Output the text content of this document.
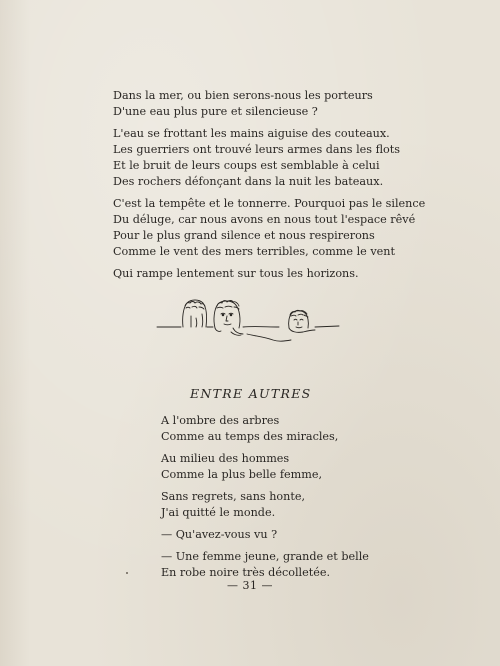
Dans la mer, ou bien serons-nous les porteurs
D'une eau plus pure et silencieuse ?
L'eau se frottant les mains aiguise des couteaux.
Les guerriers ont trouvé leurs armes dans les flots
Et le bruit de leurs coups est semblable à celui
Des rochers défonçant dans la nuit les bateaux.
C'est la tempête et le tonnerre. Pourquoi pas le silence
Du déluge, car nous avons en nous tout l'espace rêvé
Pour le plus grand silence et nous respirerons
Comme le vent des mers terribles, comme le vent
Qui rampe lentement sur tous les horizons.
ENTRE AUTRES
A l'ombre des arbres
Comme au temps des miracles,
Au milieu des hommes
Comme la plus belle femme,
Sans regrets, sans honte,
J'ai quitté le monde.
— Qu'avez-vous vu ?
— Une femme jeune, grande et belle
En robe noire très décolletée.
— 31 —
